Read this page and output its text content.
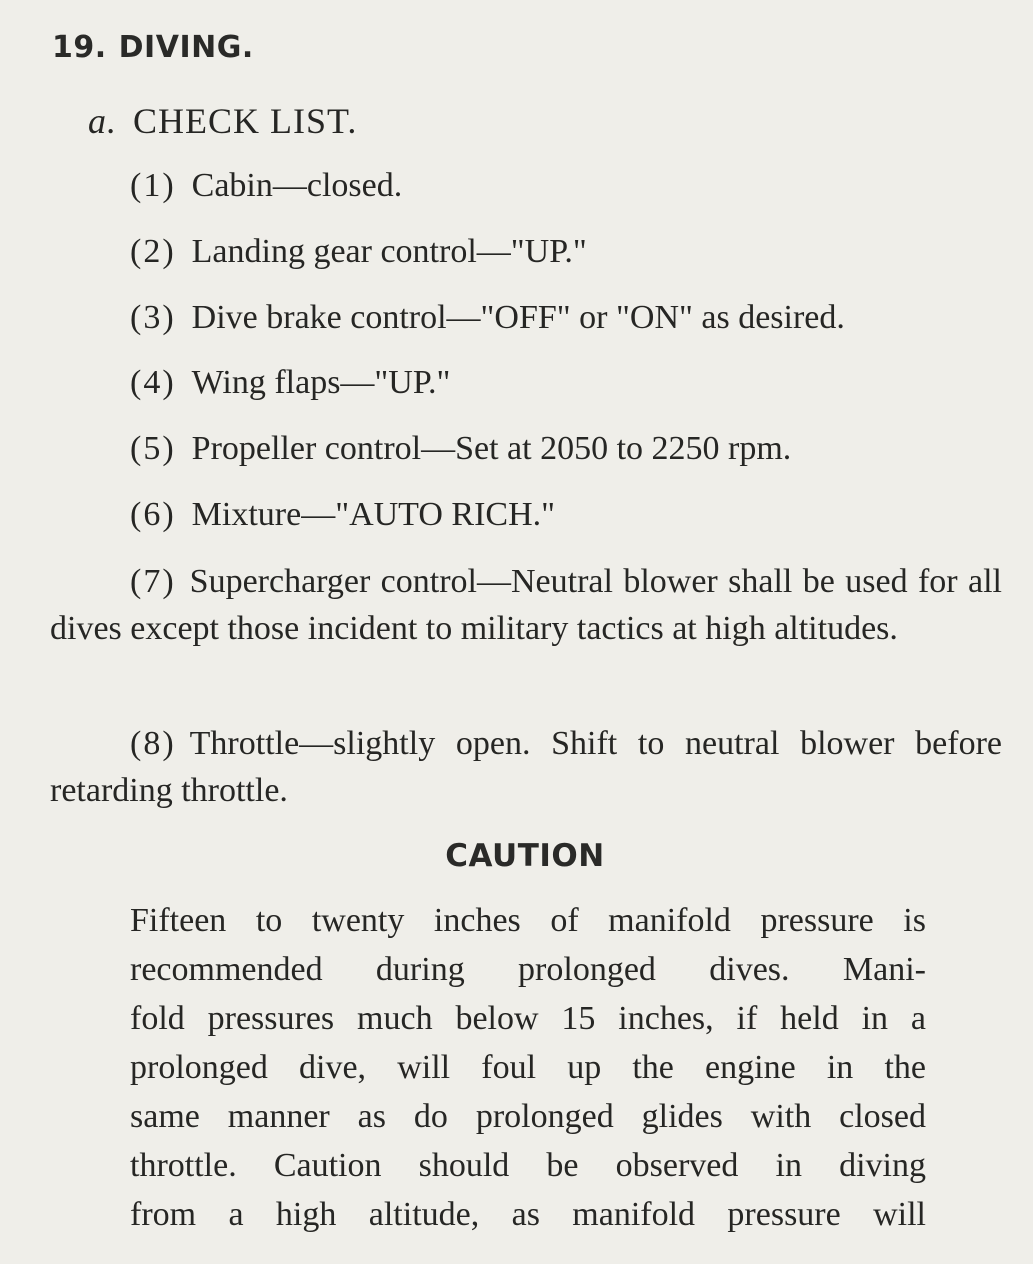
19. DIVING.
a. CHECK LIST.
(1) Cabin—closed.
(2) Landing gear control—"UP."
(3) Dive brake control—"OFF" or "ON" as desired.
(4) Wing flaps—"UP."
(5) Propeller control—Set at 2050 to 2250 rpm.
(6) Mixture—"AUTO RICH."

(7) Supercharger control—Neutral blower shall be used for all dives except those incident to military tactics at high altitudes.

(8) Throttle—slightly open. Shift to neutral blower before retarding throttle.

CAUTION
Fifteen to twenty inches of manifold pressure is
recommended during prolonged dives. Mani-
fold pressures much below 15 inches, if held in a
prolonged dive, will foul up the engine in the
same manner as do prolonged glides with closed
throttle. Caution should be observed in diving
from a high altitude, as manifold pressure will
